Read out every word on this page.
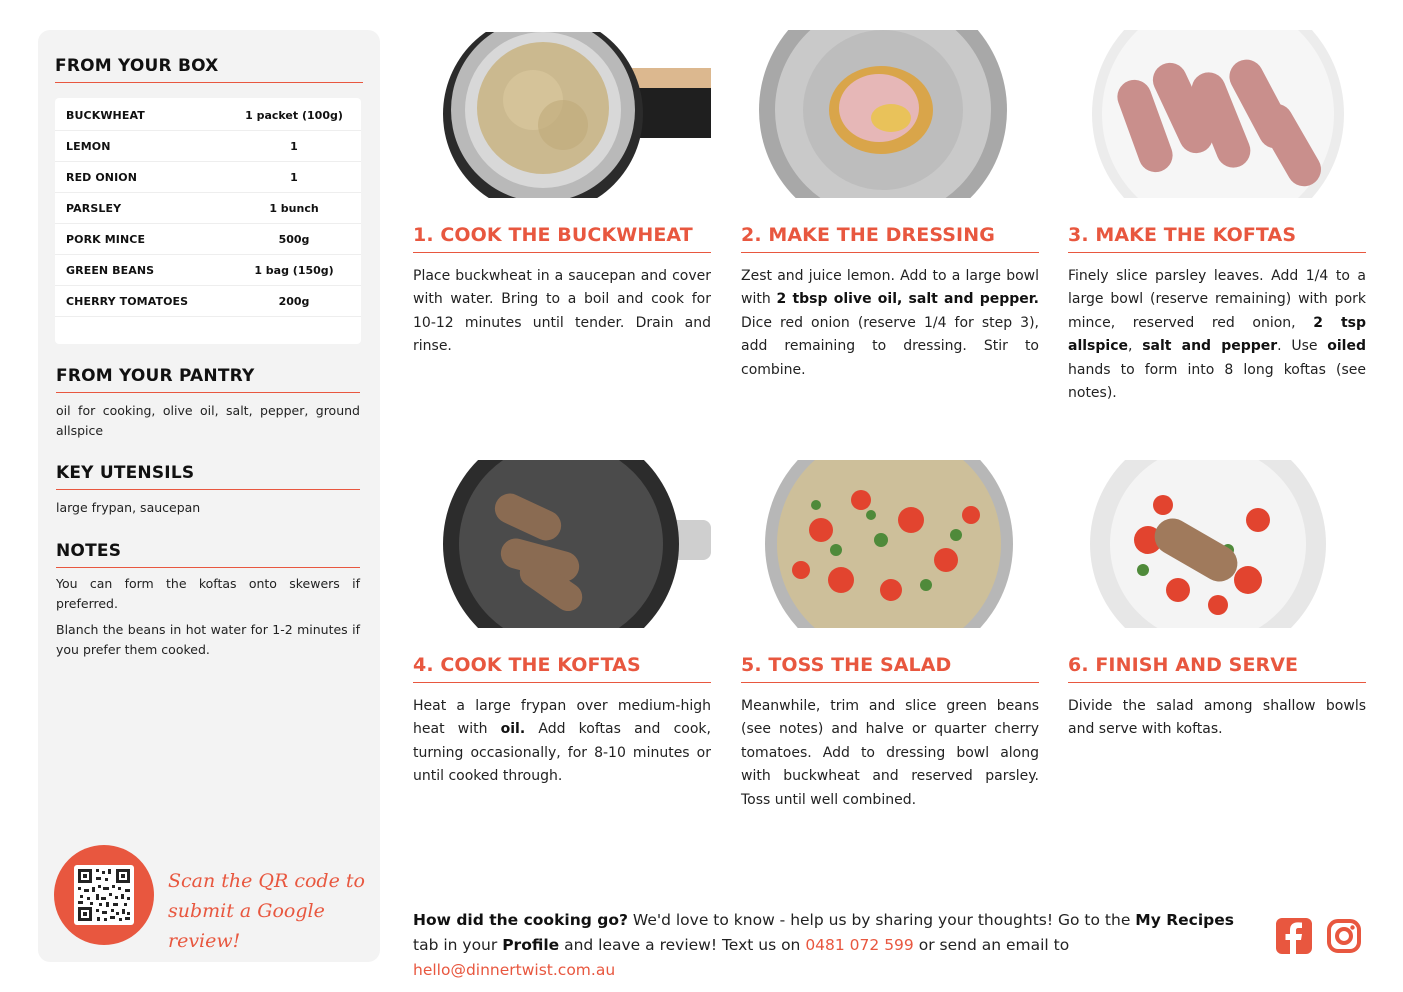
FROM YOUR BOX
BUCKWHEAT	1 packet (100g)
LEMON	1
RED ONION	1
PARSLEY	1 bunch
PORK MINCE	500g
GREEN BEANS	1 bag (150g)
CHERRY TOMATOES	200g
FROM YOUR PANTRY

oil for cooking, olive oil, salt, pepper, ground allspice

KEY UTENSILS

large frypan, saucepan

NOTES

You can form the koftas onto skewers if preferred.

Blanch the beans in hot water for 1-2 minutes if you prefer them cooked.

Scan the QR code to
submit a Google review!
1. COOK THE BUCKWHEAT
Place buckwheat in a saucepan and cover with water. Bring to a boil and cook for 10-12 minutes until tender. Drain and rinse.
2. MAKE THE DRESSING
Zest and juice lemon. Add to a large bowl with 2 tbsp olive oil, salt and pepper. Dice red onion (reserve 1/4 for step 3), add remaining to dressing. Stir to combine.
3. MAKE THE KOFTAS
Finely slice parsley leaves. Add 1/4 to a large bowl (reserve remaining) with pork mince, reserved red onion, 2 tsp allspice, salt and pepper. Use oiled hands to form into 8 long koftas (see notes).
4. COOK THE KOFTAS
Heat a large frypan over medium-high heat with oil. Add koftas and cook, turning occasionally, for 8-10 minutes or until cooked through.
5. TOSS THE SALAD
Meanwhile, trim and slice green beans (see notes) and halve or quarter cherry tomatoes. Add to dressing bowl along with buckwheat and reserved parsley. Toss until well combined.
6. FINISH AND SERVE
Divide the salad among shallow bowls and serve with koftas.
How did the cooking go? We'd love to know - help us by sharing your thoughts! Go to the My Recipes tab in your Profile and leave a review! Text us on 0481 072 599 or send an email to hello@dinnertwist.com.au
